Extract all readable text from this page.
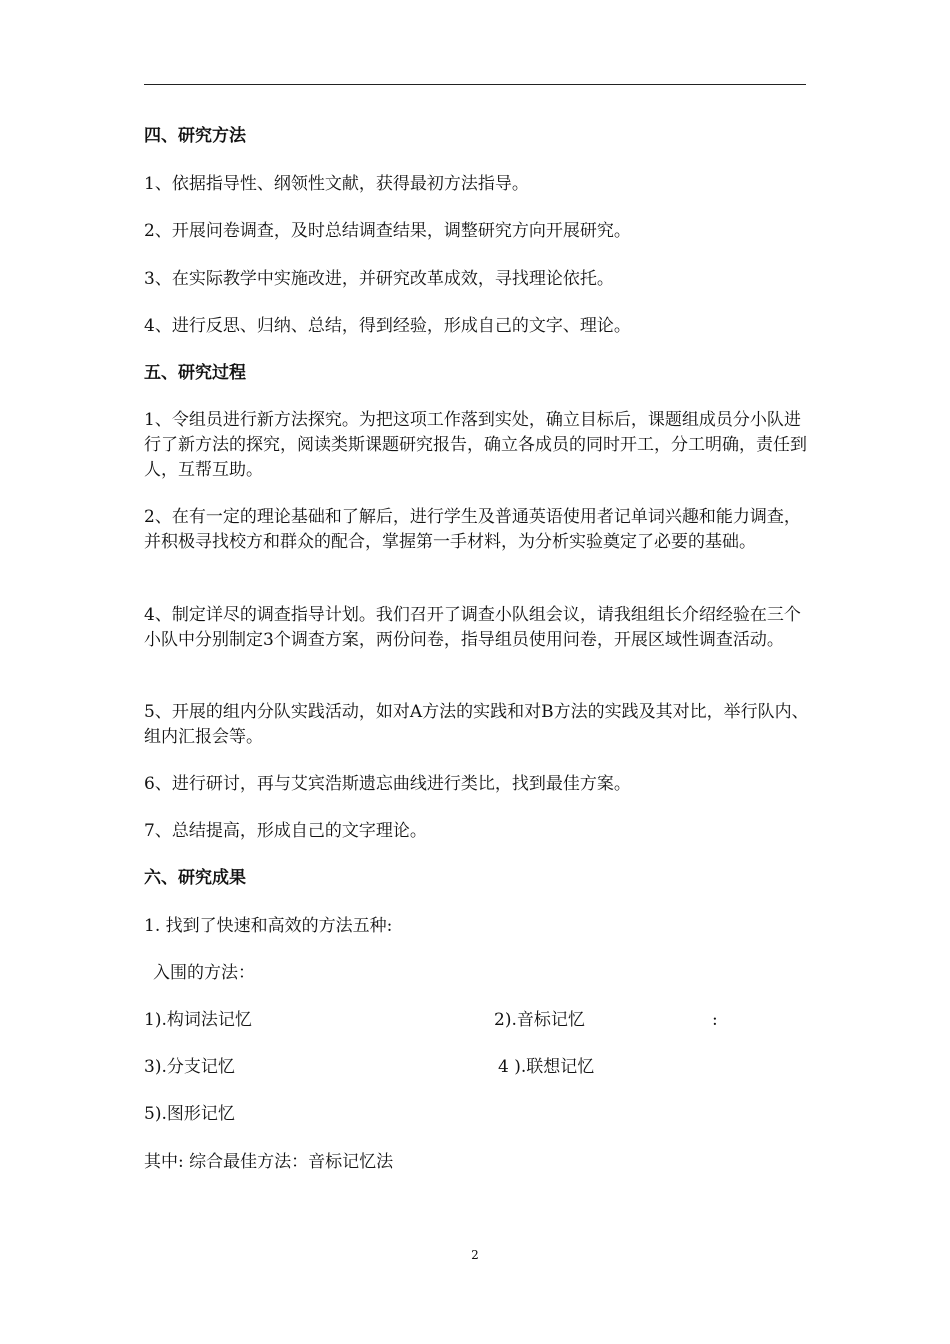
四、研究方法

1、依据指导性、纲领性文献，获得最初方法指导。

2、开展问卷调查，及时总结调查结果，调整研究方向开展研究。

3、在实际教学中实施改进，并研究改革成效，寻找理论依托。

4、进行反思、归纳、总结，得到经验，形成自己的文字、理论。

五、研究过程

1、令组员进行新方法探究。为把这项工作落到实处，确立目标后，课题组成员分小队进行了新方法的探究，阅读类斯课题研究报告，确立各成员的同时开工，分工明确，责任到人，互帮互助。

2、在有一定的理论基础和了解后，进行学生及普通英语使用者记单词兴趣和能力调查，并积极寻找校方和群众的配合，掌握第一手材料，为分析实验奠定了必要的基础。

4、制定详尽的调查指导计划。我们召开了调查小队组会议，请我组组长介绍经验在三个小队中分别制定3个调查方案，两份问卷，指导组员使用问卷，开展区域性调查活动。

5、开展的组内分队实践活动，如对A方法的实践和对B方法的实践及其对比，举行队内、组内汇报会等。

6、进行研讨，再与艾宾浩斯遗忘曲线进行类比，找到最佳方案。

7、总结提高，形成自己的文字理论。

六、研究成果

1. 找到了快速和高效的方法五种:

入围的方法：

1).构词法记忆	2).音标记忆	:
3).分支记忆	4 ).联想记忆
5).图形记忆

其中: 综合最佳方法：音标记忆法

2
